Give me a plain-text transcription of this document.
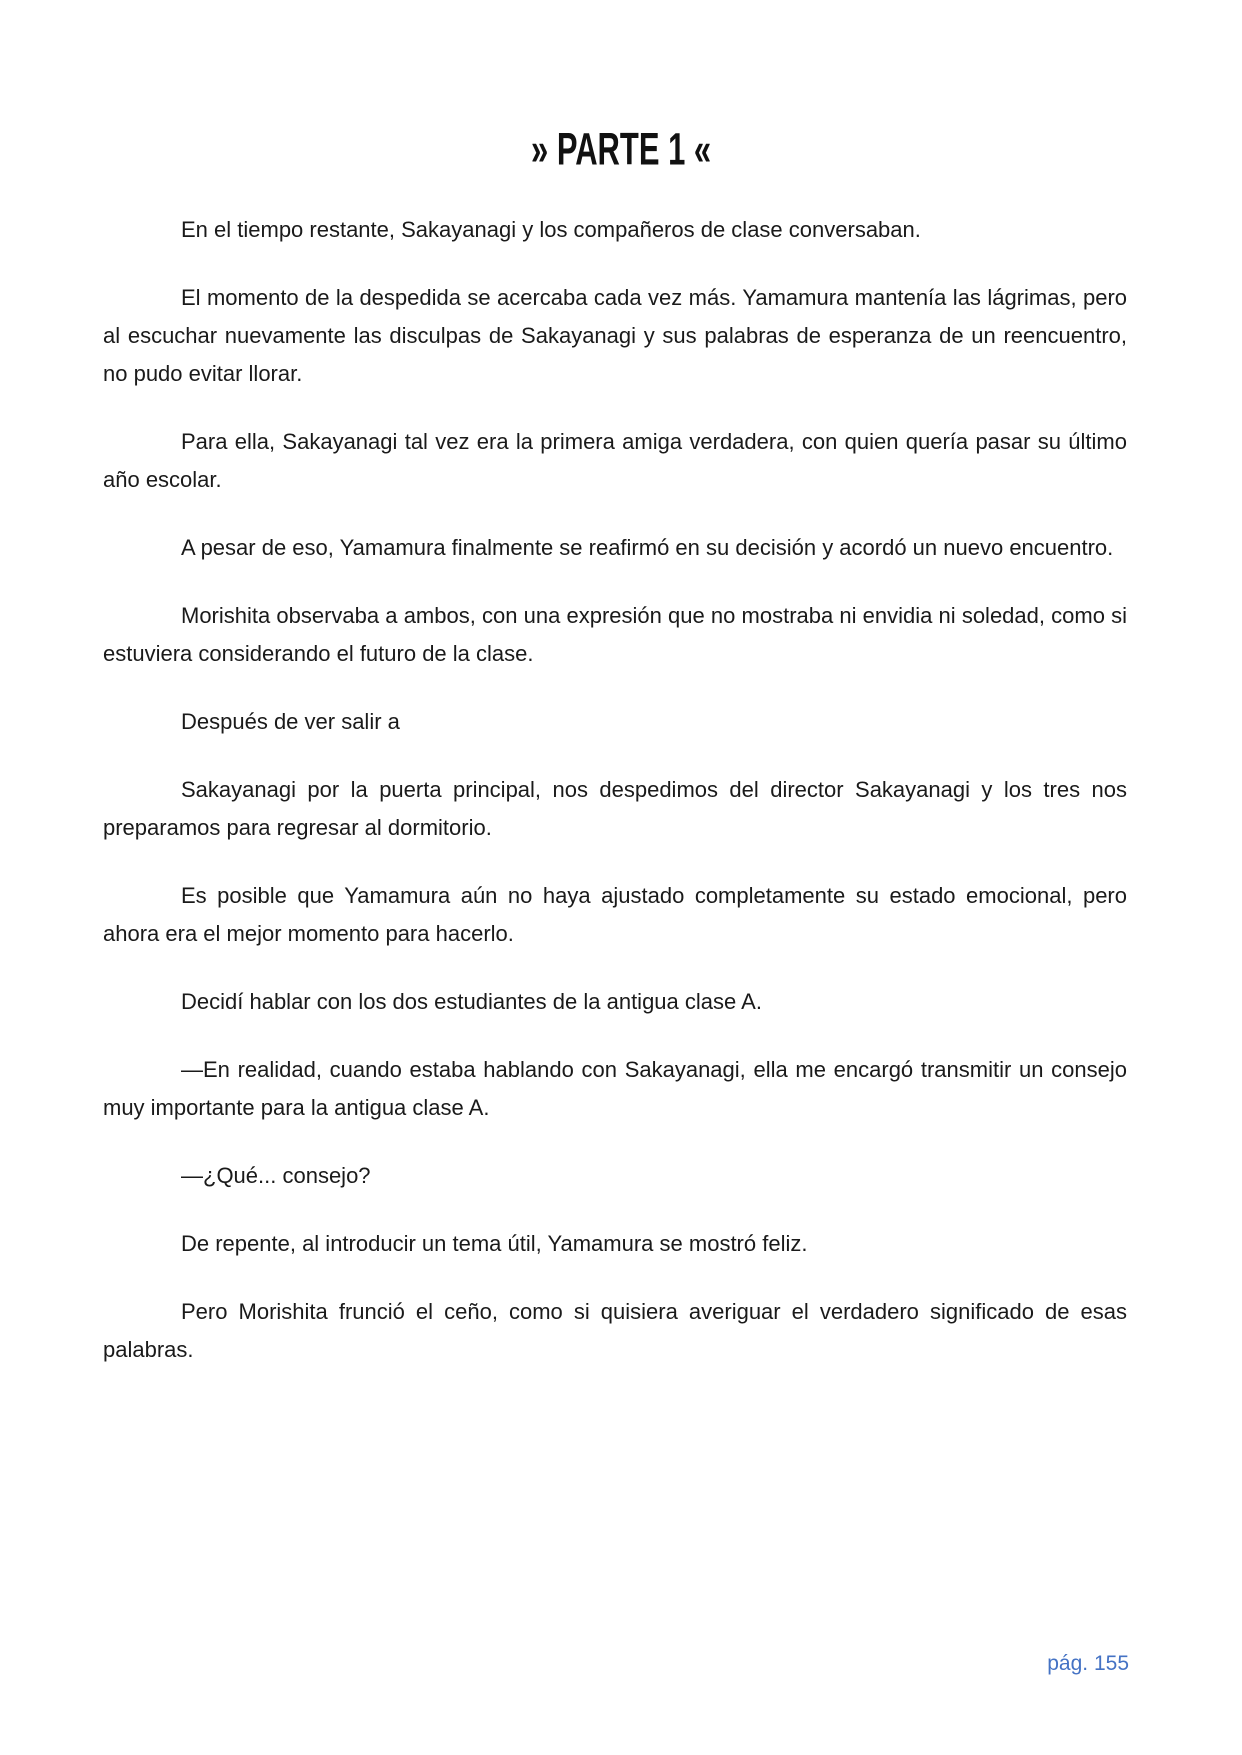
» PARTE 1 «

En el tiempo restante, Sakayanagi y los compañeros de clase conversaban.

El momento de la despedida se acercaba cada vez más. Yamamura mantenía las lágrimas, pero al escuchar nuevamente las disculpas de Sakayanagi y sus palabras de esperanza de un reencuentro, no pudo evitar llorar.

Para ella, Sakayanagi tal vez era la primera amiga verdadera, con quien quería pasar su último año escolar.

A pesar de eso, Yamamura finalmente se reafirmó en su decisión y acordó un nuevo encuentro.

Morishita observaba a ambos, con una expresión que no mostraba ni envidia ni soledad, como si estuviera considerando el futuro de la clase.

Después de ver salir a

Sakayanagi por la puerta principal, nos despedimos del director Sakayanagi y los tres nos preparamos para regresar al dormitorio.

Es posible que Yamamura aún no haya ajustado completamente su estado emocional, pero ahora era el mejor momento para hacerlo.

Decidí hablar con los dos estudiantes de la antigua clase A.

—En realidad, cuando estaba hablando con Sakayanagi, ella me encargó transmitir un consejo muy importante para la antigua clase A.

—¿Qué... consejo?

De repente, al introducir un tema útil, Yamamura se mostró feliz.

Pero Morishita frunció el ceño, como si quisiera averiguar el verdadero significado de esas palabras.

pág. 155
